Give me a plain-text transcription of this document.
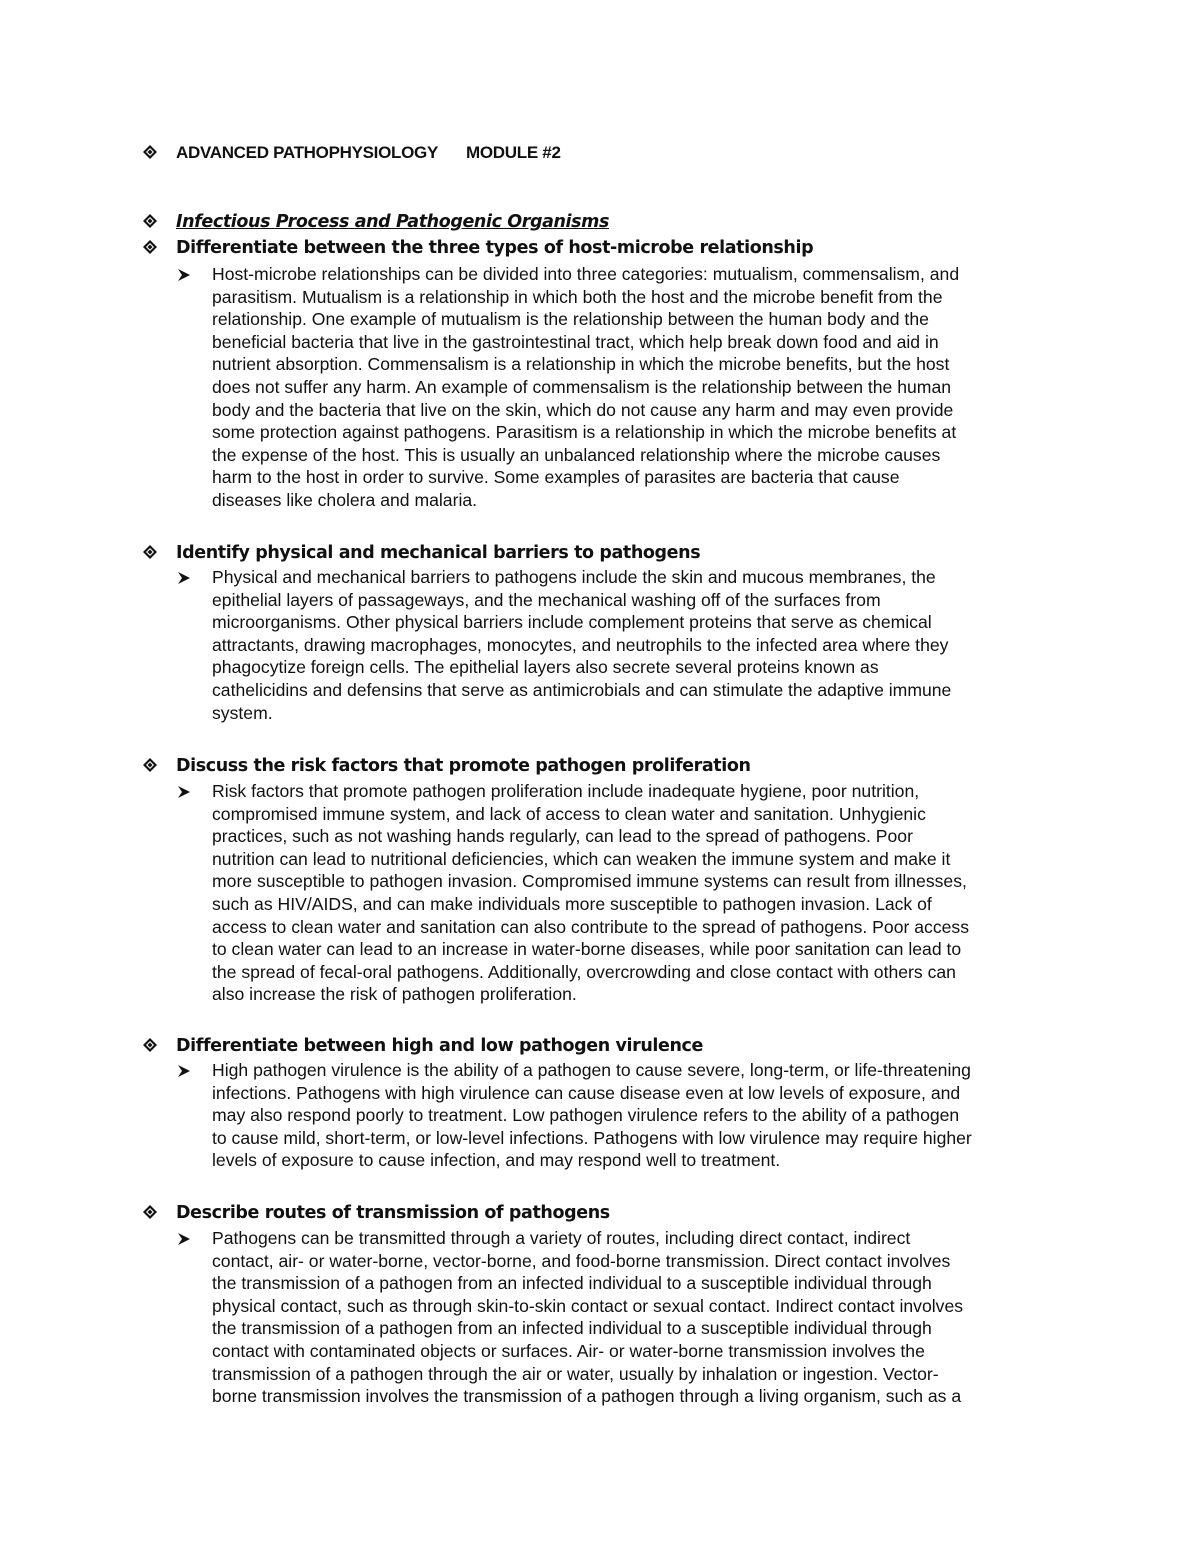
ADVANCED PATHOPHYSIOLOGY MODULE #2
Infectious Process and Pathogenic Organisms
Differentiate between the three types of host-microbe relationship
Host-microbe relationships can be divided into three categories: mutualism, commensalism, and
parasitism. Mutualism is a relationship in which both the host and the microbe benefit from the
relationship. One example of mutualism is the relationship between the human body and the
beneficial bacteria that live in the gastrointestinal tract, which help break down food and aid in
nutrient absorption. Commensalism is a relationship in which the microbe benefits, but the host
does not suffer any harm. An example of commensalism is the relationship between the human
body and the bacteria that live on the skin, which do not cause any harm and may even provide
some protection against pathogens. Parasitism is a relationship in which the microbe benefits at
the expense of the host. This is usually an unbalanced relationship where the microbe causes
harm to the host in order to survive. Some examples of parasites are bacteria that cause
diseases like cholera and malaria.
Identify physical and mechanical barriers to pathogens
Physical and mechanical barriers to pathogens include the skin and mucous membranes, the
epithelial layers of passageways, and the mechanical washing off of the surfaces from
microorganisms. Other physical barriers include complement proteins that serve as chemical
attractants, drawing macrophages, monocytes, and neutrophils to the infected area where they
phagocytize foreign cells. The epithelial layers also secrete several proteins known as
cathelicidins and defensins that serve as antimicrobials and can stimulate the adaptive immune
system.
Discuss the risk factors that promote pathogen proliferation
Risk factors that promote pathogen proliferation include inadequate hygiene, poor nutrition,
compromised immune system, and lack of access to clean water and sanitation. Unhygienic
practices, such as not washing hands regularly, can lead to the spread of pathogens. Poor
nutrition can lead to nutritional deficiencies, which can weaken the immune system and make it
more susceptible to pathogen invasion. Compromised immune systems can result from illnesses,
such as HIV/AIDS, and can make individuals more susceptible to pathogen invasion. Lack of
access to clean water and sanitation can also contribute to the spread of pathogens. Poor access
to clean water can lead to an increase in water-borne diseases, while poor sanitation can lead to
the spread of fecal-oral pathogens. Additionally, overcrowding and close contact with others can
also increase the risk of pathogen proliferation.
Differentiate between high and low pathogen virulence
High pathogen virulence is the ability of a pathogen to cause severe, long-term, or life-threatening
infections. Pathogens with high virulence can cause disease even at low levels of exposure, and
may also respond poorly to treatment. Low pathogen virulence refers to the ability of a pathogen
to cause mild, short-term, or low-level infections. Pathogens with low virulence may require higher
levels of exposure to cause infection, and may respond well to treatment.
Describe routes of transmission of pathogens
Pathogens can be transmitted through a variety of routes, including direct contact, indirect
contact, air- or water-borne, vector-borne, and food-borne transmission. Direct contact involves
the transmission of a pathogen from an infected individual to a susceptible individual through
physical contact, such as through skin-to-skin contact or sexual contact. Indirect contact involves
the transmission of a pathogen from an infected individual to a susceptible individual through
contact with contaminated objects or surfaces. Air- or water-borne transmission involves the
transmission of a pathogen through the air or water, usually by inhalation or ingestion. Vector-
borne transmission involves the transmission of a pathogen through a living organism, such as a
